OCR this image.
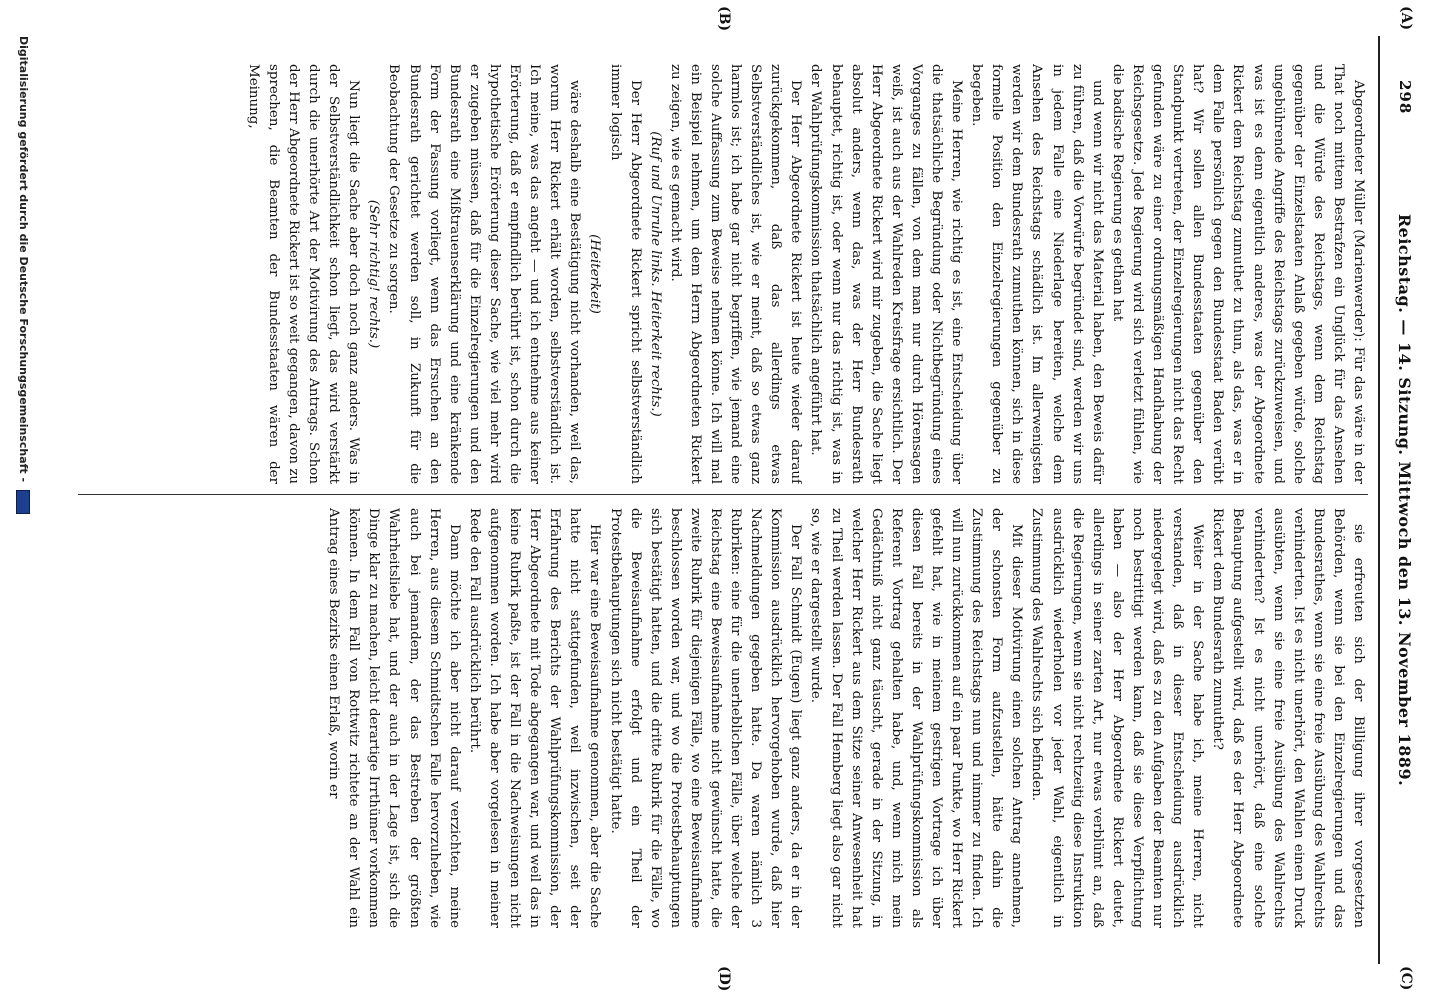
298
Reichstag. — 14. Sitzung. Mittwoch den 13. November 1889.
(A)
(B)
(C)
(D)

Abgeordneter Müller (Marienwerder): Für das wäre in der That noch mittem Bestrafzen ein Unglück für das Ansehen und die Würde des Reichstags, wenn dem Reichstag gegenüber der Einzelstaaten Anlaß gegeben würde, solche ungebührende Angriffe des Reichstags zurückzuweisen, und was ist es denn eigentlich anderes, was der Abgeordnete Rickert dem Reichstag zumuthet zu thun, als das, was er in dem Falle persönlich gegen den Bundesstaat Baden verübt hat? Wir sollen allen Bundesstaaten gegenüber den Standpunkt vertreten, der Einzelregierungen nicht das Recht gefunden wäre zu einer ordnungsmäßigen Handhabung der Reichsgesetze. Jede Regierung wird sich verletzt fühlen, wie die badische Regierung es gethan hat

und wenn wir nicht das Material haben, den Beweis dafür zu führen, daß die Vorwürfe begründet sind, werden wir uns in jedem Falle eine Niederlage bereiten, welche dem Ansehen des Reichstags schädlich ist. Im allerwenigsten werden wir dem Bundesrath zumuthen können, sich in diese formelle Position den Einzelregierungen gegenüber zu begeben.

Meine Herren, wie richtig es ist, eine Entscheidung über die thatsächliche Begründung oder Nichtbegründung eines Vorganges zu fällen, von dem man nur durch Hörensagen weiß, ist auch aus der Wahlreden Kreisfrage ersichtlich. Der Herr Abgeordnete Rickert wird mir zugeben, die Sache liegt absolut anders, wenn das, was der Herr Bundesrath behauptet, richtig ist, oder wenn nur das richtig ist, was in der Wahlprüfungskommission thatsächlich angeführt hat.

Der Herr Abgeordnete Rickert ist heute wieder darauf zurückgekommen, daß das allerdings etwas Selbstverständliches ist, wie er meint, daß so etwas ganz harmlos ist; ich habe gar nicht begriffen, wie jemand eine solche Auffassung zum Beweise nehmen könne. Ich will mal ein Beispiel nehmen, um dem Herrn Abgeordneten Rickert zu zeigen, wie es gemacht wird.

(Ruf und Unruhe links. Heiterkeit rechts.)

Der Herr Abgeordnete Rickert spricht selbstverständlich immer logisch

(Heiterkeit)

wäre deshalb eine Bestätigung nicht vorhanden, weil das, worum Herr Rickert erhält worden, selbstverständlich ist. Ich meine, was das angeht — und ich entnehme aus keiner Erörterung, daß er empfindlich berührt ist, schon durch die hypothetische Erörterung dieser Sache, wie viel mehr wird er zugeben müssen, daß für die Einzelregierungen und den Bundesrath eine Mißtrauenserklärung und eine kränkende Form der Fassung vorliegt, wenn das Ersuchen an den Bundesrath gerichtet werden soll, in Zukunft für die Beobachtung der Gesetze zu sorgen.

(Sehr richtig! rechts.)

Nun liegt die Sache aber doch noch ganz anders. Was in der Selbstverständlichkeit schon liegt, das wird verstärkt durch die unerhörte Art der Motivirung des Antrags. Schon der Herr Abgeordnete Rickert ist so weit gegangen, davon zu sprechen, die Beamten der Bundesstaaten wären der Meinung,

sie erfreuten sich der Billigung ihrer vorgesetzten Behörden, wenn sie bei den Einzelregierungen und das Bundesrathes, wenn sie eine freie Ausübung des Wahlrechts verhinderten. Ist es nicht unerhört, den Wahlen einen Druck ausübten, wenn sie eine freie Ausübung des Wahlrechts verhinderten? Ist es nicht unerhört, daß eine solche Behauptung aufgestellt wird, daß es der Herr Abgeordnete Rickert dem Bundesrath zumuthet?

Weiter in der Sache habe ich, meine Herren, nicht verstanden, daß in dieser Entscheidung ausdrücklich niedergelegt wird, daß es zu den Aufgaben der Beamten nur noch bestrittigt werden kann, daß sie diese Verpflichtung haben — also der Herr Abgeordnete Rickert deutet, allerdings in seiner zarten Art, nur etwas verblümt an, daß die Regierungen, wenn sie nicht rechtzeitig diese Instruktion ausdrücklich wiederholen vor jeder Wahl, eigentlich in Zustimmung des Wahlrechts sich befinden.

Mit dieser Motivirung einen solchen Antrag annehmen, der schonsten Form aufzustellen, hätte dahin die Zustimmung des Reichstags nun und nimmer zu finden. Ich will nun zurückkommen auf ein paar Punkte, wo Herr Rickert gefehlt hat, wie in meinem gestrigen Vortrage ich über diesen Fall bereits in der Wahlprüfungskommission als Referent Vortrag gehalten habe, und, wenn mich mein Gedächtniß nicht ganz täuscht, gerade in der Sitzung, in welcher Herr Rickert aus dem Sitze seiner Anwesenheit hat zu Theil werden lassen. Der Fall Hemberg liegt also gar nicht so, wie er dargestellt wurde.

Der Fall Schmidt (Eugen) liegt ganz anders, da er in der Kommission ausdrücklich hervorgehoben wurde, daß hier Nachmeldungen gegeben hatte. Da waren nämlich 3 Rubriken: eine für die unerheblichen Fälle, über welche der Reichstag eine Beweisaufnahme nicht gewünscht hatte, die zweite Rubrik für diejenigen Fälle, wo eine Beweisaufnahme beschlossen worden war, und wo die Protestbehauptungen sich bestätigt hatten, und die dritte Rubrik für die Fälle, wo die Beweisaufnahme erfolgt und ein Theil der Protestbehauptungen sich nicht bestätigt hatte.

Hier war eine Beweisaufnahme genommen, aber die Sache hatte nicht stattgefunden, weil inzwischen, seit der Erfahrung des Berichts der Wahlprüfungskommission, der Herr Abgeordnete mit Tode abgegangen war, und weil das in keine Rubrik paßte, ist der Fall in die Nachweisungen nicht aufgenommen worden. Ich habe aber vorgelesen in meiner Rede den Fall ausdrücklich berührt.

Dann möchte ich aber nicht darauf verzichten, meine Herren, aus diesem Schmidtschen Falle hervorzuheben, wie auch bei jemandem, der das Bestreben der größten Wahrheitsliebe hat, und der auch in der Lage ist, sich die Dinge klar zu machen, leicht derartige Irrthümer vorkommen können. In dem Fall von Rottwitz richtete an der Wahl ein Antrag eines Bezirks einen Erlaß, worin er

Digitalisierung gefördert durch die Deutsche Forschungsgemeinschaft -
